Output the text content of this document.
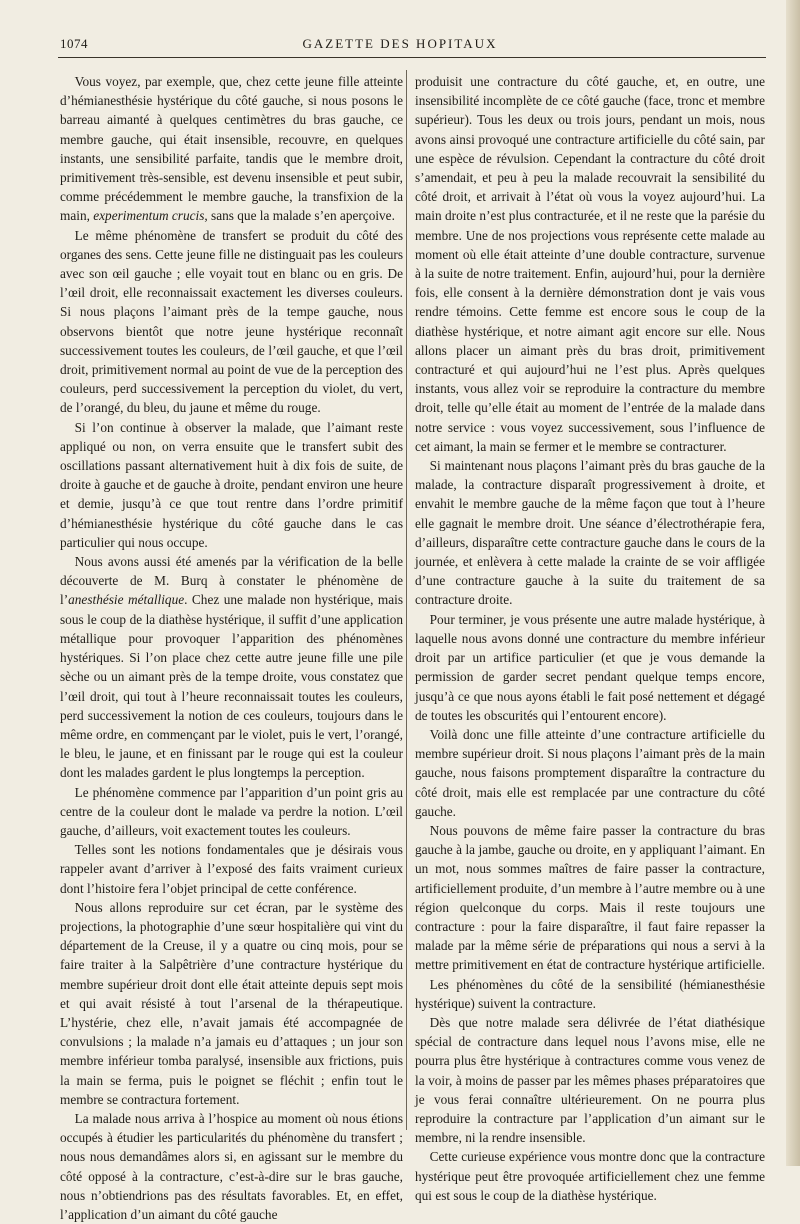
1074	GAZETTE DES HOPITAUX

Vous voyez, par exemple, que, chez cette jeune fille atteinte d’hémianesthésie hystérique du côté gauche, si nous posons le barreau aimanté à quelques centimètres du bras gauche, ce membre gauche, qui était insensible, recouvre, en quelques instants, une sensibilité parfaite, tandis que le membre droit, primitivement très-sensible, est devenu insensible et peut subir, comme précédemment le membre gauche, la transfixion de la main, experimentum crucis, sans que la malade s’en aperçoive.

Le même phénomène de transfert se produit du côté des organes des sens. Cette jeune fille ne distinguait pas les couleurs avec son œil gauche ; elle voyait tout en blanc ou en gris. De l’œil droit, elle reconnaissait exactement les diverses couleurs. Si nous plaçons l’aimant près de la tempe gauche, nous observons bientôt que notre jeune hystérique reconnaît successivement toutes les couleurs, de l’œil gauche, et que l’œil droit, primitivement normal au point de vue de la perception des couleurs, perd successivement la perception du violet, du vert, de l’orangé, du bleu, du jaune et même du rouge.

Si l’on continue à observer la malade, que l’aimant reste appliqué ou non, on verra ensuite que le transfert subit des oscillations passant alternativement huit à dix fois de suite, de droite à gauche et de gauche à droite, pendant environ une heure et demie, jusqu’à ce que tout rentre dans l’ordre primitif d’hémianesthésie hystérique du côté gauche dans le cas particulier qui nous occupe.

Nous avons aussi été amenés par la vérification de la belle découverte de M. Burq à constater le phénomène de l’anesthésie métallique. Chez une malade non hystérique, mais sous le coup de la diathèse hystérique, il suffit d’une application métallique pour provoquer l’apparition des phénomènes hystériques. Si l’on place chez cette autre jeune fille une pile sèche ou un aimant près de la tempe droite, vous constatez que l’œil droit, qui tout à l’heure reconnaissait toutes les couleurs, perd successivement la notion de ces couleurs, toujours dans le même ordre, en commençant par le violet, puis le vert, l’orangé, le bleu, le jaune, et en finissant par le rouge qui est la couleur dont les malades gardent le plus longtemps la perception.

Le phénomène commence par l’apparition d’un point gris au centre de la couleur dont le malade va perdre la notion. L’œil gauche, d’ailleurs, voit exactement toutes les couleurs.

Telles sont les notions fondamentales que je désirais vous rappeler avant d’arriver à l’exposé des faits vraiment curieux dont l’histoire fera l’objet principal de cette conférence.

Nous allons reproduire sur cet écran, par le système des projections, la photographie d’une sœur hospitalière qui vint du département de la Creuse, il y a quatre ou cinq mois, pour se faire traiter à la Salpêtrière d’une contracture hystérique du membre supérieur droit dont elle était atteinte depuis sept mois et qui avait résisté à tout l’arsenal de la thérapeutique. L’hystérie, chez elle, n’avait jamais été accompagnée de convulsions ; la malade n’a jamais eu d’attaques ; un jour son membre inférieur tomba paralysé, insensible aux frictions, puis la main se ferma, puis le poignet se fléchit ; enfin tout le membre se contractura fortement.

La malade nous arriva à l’hospice au moment où nous étions occupés à étudier les particularités du phénomène du transfert ; nous nous demandâmes alors si, en agissant sur le membre du côté opposé à la contracture, c’est-à-dire sur le bras gauche, nous n’obtiendrions pas des résultats favorables. Et, en effet, l’application d’un aimant du côté gauche

produisit une contracture du côté gauche, et, en outre, une insensibilité incomplète de ce côté gauche (face, tronc et membre supérieur). Tous les deux ou trois jours, pendant un mois, nous avons ainsi provoqué une contracture artificielle du côté sain, par une espèce de révulsion. Cependant la contracture du côté droit s’amendait, et peu à peu la malade recouvrait la sensibilité du côté droit, et arrivait à l’état où vous la voyez aujourd’hui. La main droite n’est plus contracturée, et il ne reste que la parésie du membre. Une de nos projections vous représente cette malade au moment où elle était atteinte d’une double contracture, survenue à la suite de notre traitement. Enfin, aujourd’hui, pour la dernière fois, elle consent à la dernière démonstration dont je vais vous rendre témoins. Cette femme est encore sous le coup de la diathèse hystérique, et notre aimant agit encore sur elle. Nous allons placer un aimant près du bras droit, primitivement contracturé et qui aujourd’hui ne l’est plus. Après quelques instants, vous allez voir se reproduire la contracture du membre droit, telle qu’elle était au moment de l’entrée de la malade dans notre service : vous voyez successivement, sous l’influence de cet aimant, la main se fermer et le membre se contracturer.

Si maintenant nous plaçons l’aimant près du bras gauche de la malade, la contracture disparaît progressivement à droite, et envahit le membre gauche de la même façon que tout à l’heure elle gagnait le membre droit. Une séance d’électrothérapie fera, d’ailleurs, disparaître cette contracture gauche dans le cours de la journée, et enlèvera à cette malade la crainte de se voir affligée d’une contracture gauche à la suite du traitement de sa contracture droite.

Pour terminer, je vous présente une autre malade hystérique, à laquelle nous avons donné une contracture du membre inférieur droit par un artifice particulier (et que je vous demande la permission de garder secret pendant quelque temps encore, jusqu’à ce que nous ayons établi le fait posé nettement et dégagé de toutes les obscurités qui l’entourent encore).

Voilà donc une fille atteinte d’une contracture artificielle du membre supérieur droit. Si nous plaçons l’aimant près de la main gauche, nous faisons promptement disparaître la contracture du côté droit, mais elle est remplacée par une contracture du côté gauche.

Nous pouvons de même faire passer la contracture du bras gauche à la jambe, gauche ou droite, en y appliquant l’aimant. En un mot, nous sommes maîtres de faire passer la contracture, artificiellement produite, d’un membre à l’autre membre ou à une région quelconque du corps. Mais il reste toujours une contracture : pour la faire disparaître, il faut faire repasser la malade par la même série de préparations qui nous a servi à la mettre primitivement en état de contracture hystérique artificielle.

Les phénomènes du côté de la sensibilité (hémianesthésie hystérique) suivent la contracture.

Dès que notre malade sera délivrée de l’état diathésique spécial de contracture dans lequel nous l’avons mise, elle ne pourra plus être hystérique à contractures comme vous venez de la voir, à moins de passer par les mêmes phases préparatoires que je vous ferai connaître ultérieurement. On ne pourra plus reproduire la contracture par l’application d’un aimant sur le membre, ni la rendre insensible.

Cette curieuse expérience vous montre donc que la contracture hystérique peut être provoquée artificiellement chez une femme qui est sous le coup de la diathèse hystérique.
